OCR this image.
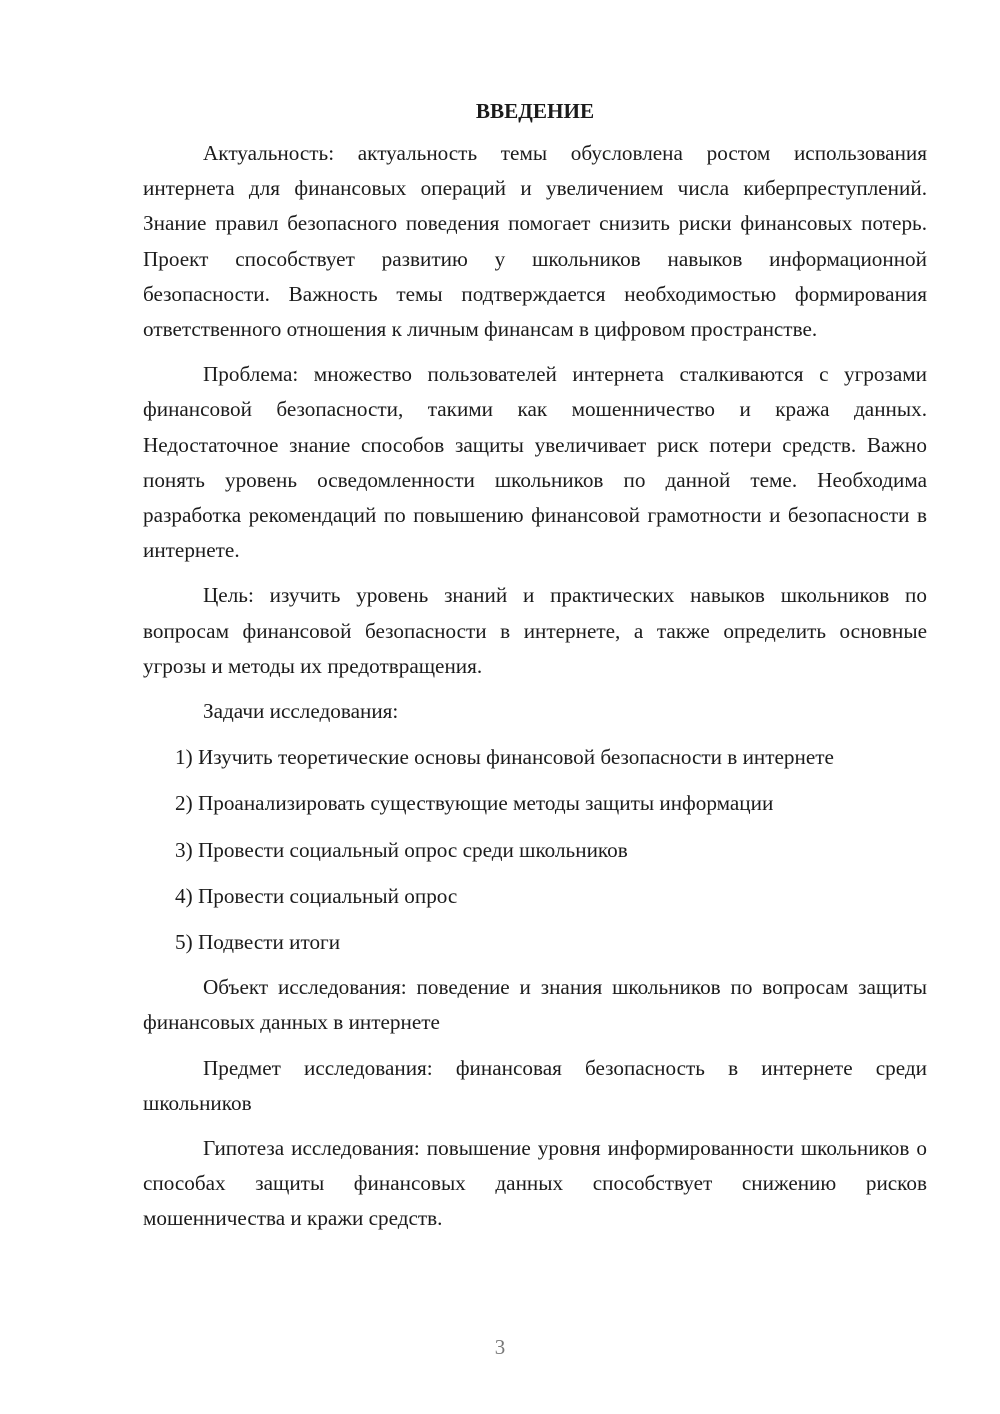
ВВЕДЕНИЕ

Актуальность: актуальность темы обусловлена ростом использования интернета для финансовых операций и увеличением числа киберпреступлений. Знание правил безопасного поведения помогает снизить риски финансовых потерь. Проект способствует развитию у школьников навыков информационной безопасности. Важность темы подтверждается необходимостью формирования ответственного отношения к личным финансам в цифровом пространстве.

Проблема: множество пользователей интернета сталкиваются с угрозами финансовой безопасности, такими как мошенничество и кража данных. Недостаточное знание способов защиты увеличивает риск потери средств. Важно понять уровень осведомленности школьников по данной теме. Необходима разработка рекомендаций по повышению финансовой грамотности и безопасности в интернете.

Цель: изучить уровень знаний и практических навыков школьников по вопросам финансовой безопасности в интернете, а также определить основные угрозы и методы их предотвращения.

Задачи исследования:

1) Изучить теоретические основы финансовой безопасности в интернете

2) Проанализировать существующие методы защиты информации

3) Провести социальный опрос среди школьников

4) Провести социальный опрос

5) Подвести итоги

Объект исследования: поведение и знания школьников по вопросам защиты финансовых данных в интернете

Предмет исследования: финансовая безопасность в интернете среди школьников

Гипотеза исследования: повышение уровня информированности школьников о способах защиты финансовых данных способствует снижению рисков мошенничества и кражи средств.

3
